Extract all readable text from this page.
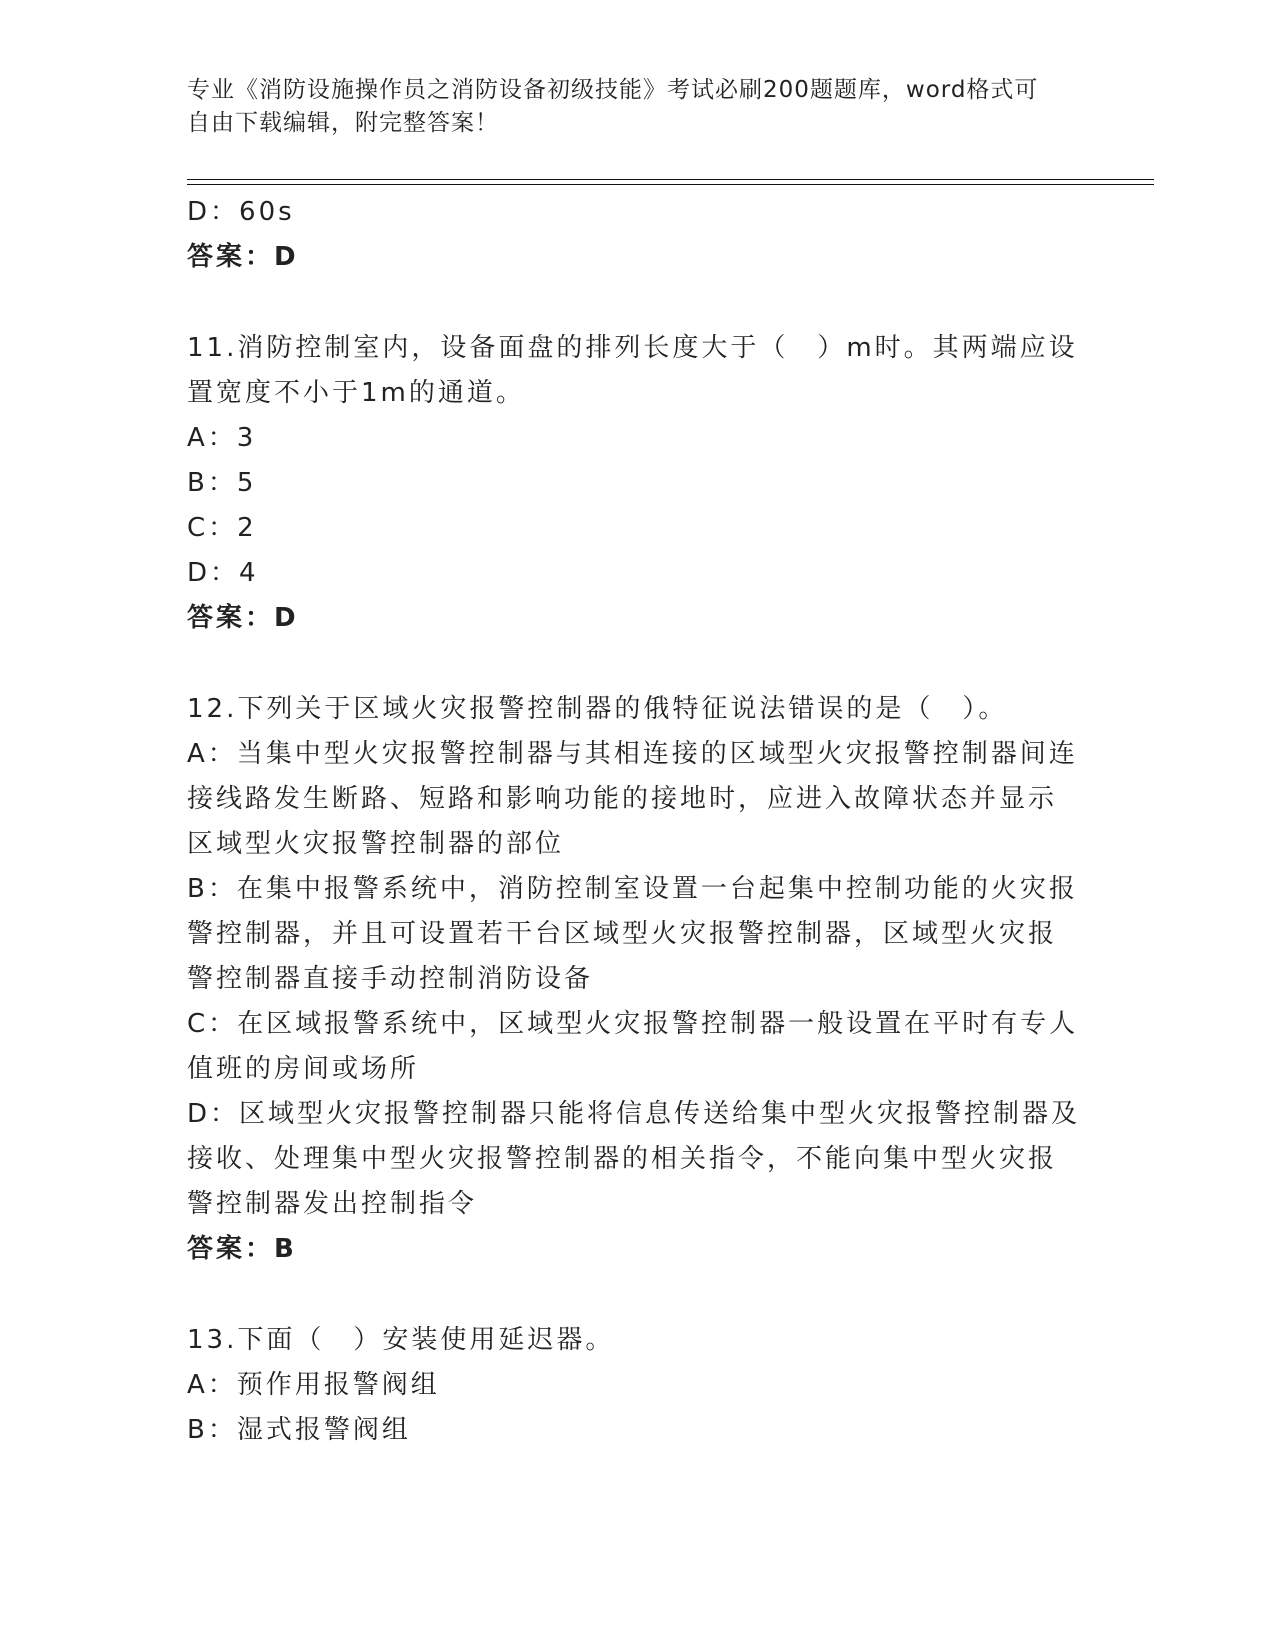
专业《消防设施操作员之消防设备初级技能》考试必刷200题题库，word格式可
自由下载编辑，附完整答案！
D：60s
答案：D
11.消防控制室内，设备面盘的排列长度大于（　）m时。其两端应设
置宽度不小于1m的通道。
A：3
B：5
C：2
D：4
答案：D
12.下列关于区域火灾报警控制器的俄特征说法错误的是（　）。
A：当集中型火灾报警控制器与其相连接的区域型火灾报警控制器间连
接线路发生断路、短路和影响功能的接地时，应进入故障状态并显示
区域型火灾报警控制器的部位
B：在集中报警系统中，消防控制室设置一台起集中控制功能的火灾报
警控制器，并且可设置若干台区域型火灾报警控制器，区域型火灾报
警控制器直接手动控制消防设备
C：在区域报警系统中，区域型火灾报警控制器一般设置在平时有专人
值班的房间或场所
D：区域型火灾报警控制器只能将信息传送给集中型火灾报警控制器及
接收、处理集中型火灾报警控制器的相关指令，不能向集中型火灾报
警控制器发出控制指令
答案：B
13.下面（　）安装使用延迟器。
A：预作用报警阀组
B：湿式报警阀组
